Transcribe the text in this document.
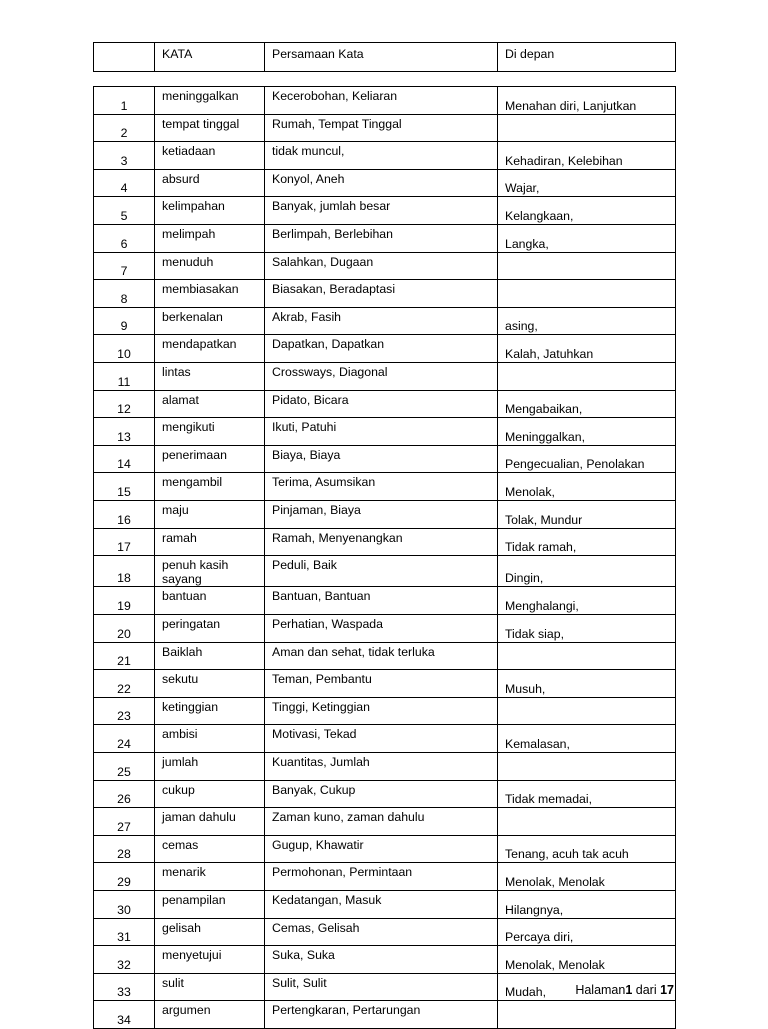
	KATA	Persamaan Kata	Di depan
1	meninggalkan	Kecerobohan, Keliaran	Menahan diri, Lanjutkan
2	tempat tinggal	Rumah, Tempat Tinggal	
3	ketiadaan	tidak muncul,	Kehadiran, Kelebihan
4	absurd	Konyol, Aneh	Wajar,
5	kelimpahan	Banyak, jumlah besar	Kelangkaan,
6	melimpah	Berlimpah, Berlebihan	Langka,
7	menuduh	Salahkan, Dugaan	
8	membiasakan	Biasakan, Beradaptasi	
9	berkenalan	Akrab, Fasih	asing,
10	mendapatkan	Dapatkan, Dapatkan	Kalah, Jatuhkan
11	lintas	Crossways, Diagonal	
12	alamat	Pidato, Bicara	Mengabaikan,
13	mengikuti	Ikuti, Patuhi	Meninggalkan,
14	penerimaan	Biaya, Biaya	Pengecualian, Penolakan
15	mengambil	Terima, Asumsikan	Menolak,
16	maju	Pinjaman, Biaya	Tolak, Mundur
17	ramah	Ramah, Menyenangkan	Tidak ramah,
18	penuh kasih sayang	Peduli, Baik	Dingin,
19	bantuan	Bantuan, Bantuan	Menghalangi,
20	peringatan	Perhatian, Waspada	Tidak siap,
21	Baiklah	Aman dan sehat, tidak terluka	
22	sekutu	Teman, Pembantu	Musuh,
23	ketinggian	Tinggi, Ketinggian	
24	ambisi	Motivasi, Tekad	Kemalasan,
25	jumlah	Kuantitas, Jumlah	
26	cukup	Banyak, Cukup	Tidak memadai,
27	jaman dahulu	Zaman kuno, zaman dahulu	
28	cemas	Gugup, Khawatir	Tenang, acuh tak acuh
29	menarik	Permohonan, Permintaan	Menolak, Menolak
30	penampilan	Kedatangan, Masuk	Hilangnya,
31	gelisah	Cemas, Gelisah	Percaya diri,
32	menyetujui	Suka, Suka	Menolak, Menolak
33	sulit	Sulit, Sulit	Mudah,
34	argumen	Pertengkaran, Pertarungan	
Halaman1 dari 17
